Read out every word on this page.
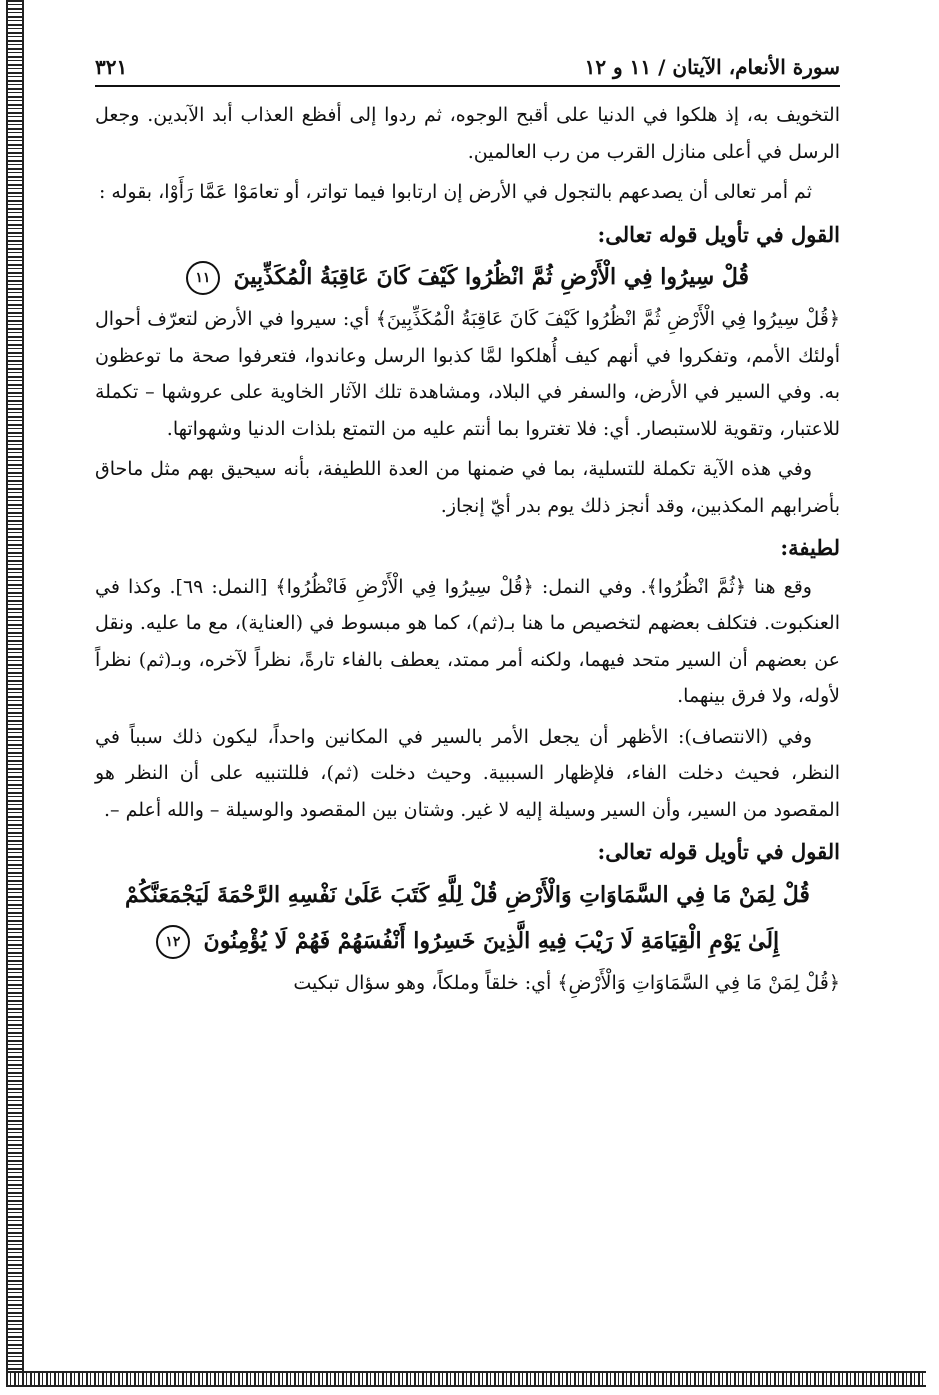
سورة الأنعام، الآيتان / ١١ و ١٢
٣٢١

التخويف به، إذ هلكوا في الدنيا على أقبح الوجوه، ثم ردوا إلى أفظع العذاب أبد الآبدين. وجعل الرسل في أعلى منازل القرب من رب العالمين.

ثم أمر تعالى أن يصدعهم بالتجول في الأرض إن ارتابوا فيما تواتر، أو تعامَوْا عَمَّا رَأَوْا، بقوله :

القول في تأويل قوله تعالى:
قُلْ سِيرُوا فِي الْأَرْضِ ثُمَّ انْظُرُوا كَيْفَ كَانَ عَاقِبَةُ الْمُكَذِّبِينَ ١١

﴿قُلْ سِيرُوا فِي الْأَرْضِ ثُمَّ انْظُرُوا كَيْفَ كَانَ عَاقِبَةُ الْمُكَذِّبِينَ﴾ أي: سيروا في الأرض لتعرّف أحوال أولئك الأمم، وتفكروا في أنهم كيف أُهلكوا لمَّا كذبوا الرسل وعاندوا، فتعرفوا صحة ما توعظون به. وفي السير في الأرض، والسفر في البلاد، ومشاهدة تلك الآثار الخاوية على عروشها – تكملة للاعتبار، وتقوية للاستبصار. أي: فلا تغتروا بما أنتم عليه من التمتع بلذات الدنيا وشهواتها.

وفي هذه الآية تكملة للتسلية، بما في ضمنها من العدة اللطيفة، بأنه سيحيق بهم مثل ماحاق بأضرابهم المكذبين، وقد أنجز ذلك يوم بدر أيّ إنجاز.

لطيفة:

وقع هنا ﴿ثُمَّ انْظُرُوا﴾. وفي النمل: ﴿قُلْ سِيرُوا فِي الْأَرْضِ فَانْظُرُوا﴾ [النمل: ٦٩]. وكذا في العنكبوت. فتكلف بعضهم لتخصيص ما هنا بـ(ثم)، كما هو مبسوط في (العناية)، مع ما عليه. ونقل عن بعضهم أن السير متحد فيهما، ولكنه أمر ممتد، يعطف بالفاء تارةً، نظراً لآخره، وبـ(ثم) نظراً لأوله، ولا فرق بينهما.

وفي (الانتصاف): الأظهر أن يجعل الأمر بالسير في المكانين واحداً، ليكون ذلك سبباً في النظر، فحيث دخلت الفاء، فلإظهار السببية. وحيث دخلت (ثم)، فللتنبيه على أن النظر هو المقصود من السير، وأن السير وسيلة إليه لا غير. وشتان بين المقصود والوسيلة – والله أعلم –.

القول في تأويل قوله تعالى:
قُلْ لِمَنْ مَا فِي السَّمَاوَاتِ وَالْأَرْضِ قُلْ لِلَّهِ كَتَبَ عَلَىٰ نَفْسِهِ الرَّحْمَةَ لَيَجْمَعَنَّكُمْ
إِلَىٰ يَوْمِ الْقِيَامَةِ لَا رَيْبَ فِيهِ الَّذِينَ خَسِرُوا أَنْفُسَهُمْ فَهُمْ لَا يُؤْمِنُونَ ١٢

﴿قُلْ لِمَنْ مَا فِي السَّمَاوَاتِ وَالْأَرْضِ﴾ أي: خلقاً وملكاً، وهو سؤال تبكيت
